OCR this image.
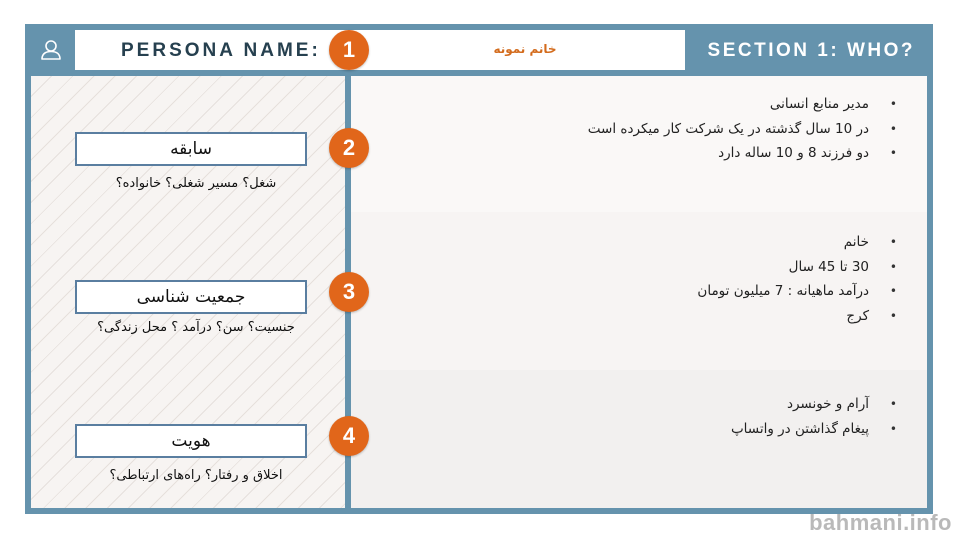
PERSONA NAME:	خانم نمونه	SECTION 1: WHO?
سابقه
شغل؟ مسیر شغلی؟ خانواده؟
جمعیت شناسی
جنسیت؟ سن؟ درآمد ؟ محل زندگی؟
هویت
اخلاق و رفتار؟ راه‌های ارتباطی؟
• مدیر منابع انسانی
• در 10 سال گذشته در یک شرکت کار میکرده است
• دو فرزند 8 و 10 ساله دارد
• خانم
• 30 تا 45 سال
• درآمد ماهیانه : 7 میلیون تومان
• کرج
• آرام و خونسرد
• پیغام گذاشتن در واتساپ
1
2
3
4
bahmani.info
